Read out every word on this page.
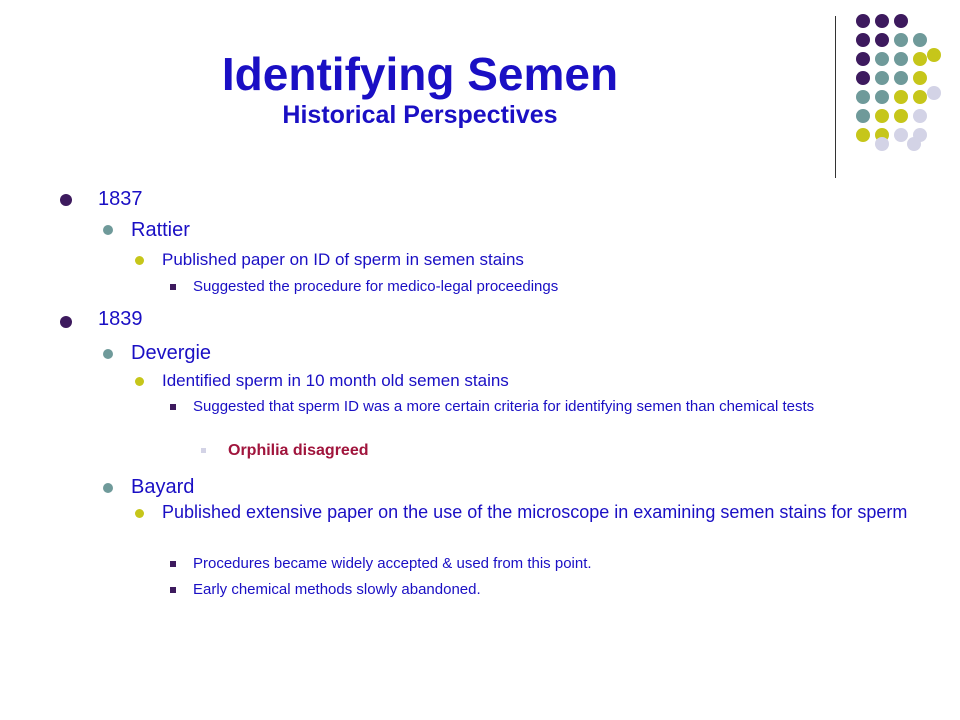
Identifying Semen
Historical Perspectives
1837
Rattier
Published paper on ID of sperm in semen stains
Suggested the procedure for medico-legal proceedings
1839
Devergie
Identified sperm in 10 month old semen stains
Suggested that sperm ID was a more certain criteria for identifying semen than chemical tests
Orphilia disagreed
Bayard
Published extensive paper on the use of the microscope in examining semen stains for sperm
Procedures became widely accepted & used from this point.
Early chemical methods slowly abandoned.
